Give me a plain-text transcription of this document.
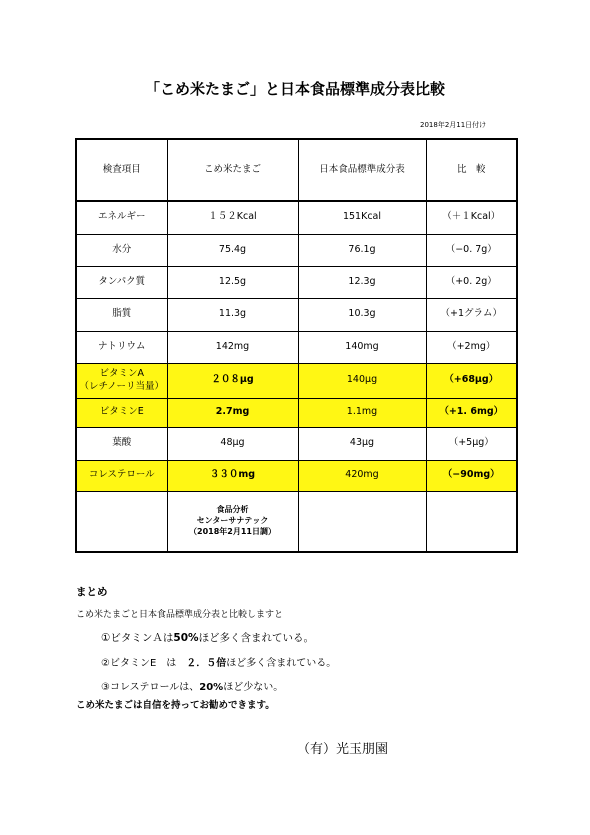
「こめ米たまご」と日本食品標準成分表比較
2018年2月11日付け
検査項目	こめ米たまご	日本食品標準成分表	比　較
エネルギー	１５２Kcal	151Kcal	（＋１Kcal）
水分	75.4g	76.1g	（−0. 7g）
タンパク質	12.5g	12.3g	（+0. 2g）
脂質	11.3g	10.3g	（+1グラム）
ナトリウム	142mg	140mg	（+2mg）

ビタミンA
（レチノーリ当量）	２０８μg	140μg	（+68μg）
ビタミンE	2.7mg	1.1mg	（+1. 6mg）
葉酸	48μg	43μg	（+5μg）
コレステロール	３３０mg	420mg	（−90mg）

	食品分析
センターサナテック
（2018年2月11日調）		

まとめ
こめ米たまごと日本食品標準成分表と比較しますと
①ビタミンＡは50%ほど多く含まれている。
②ビタミンE　は　２．５倍ほど多く含まれている。
③コレステロールは、20%ほど少ない。
こめ米たまごは自信を持ってお勧めできます。
（有）光玉朋園
